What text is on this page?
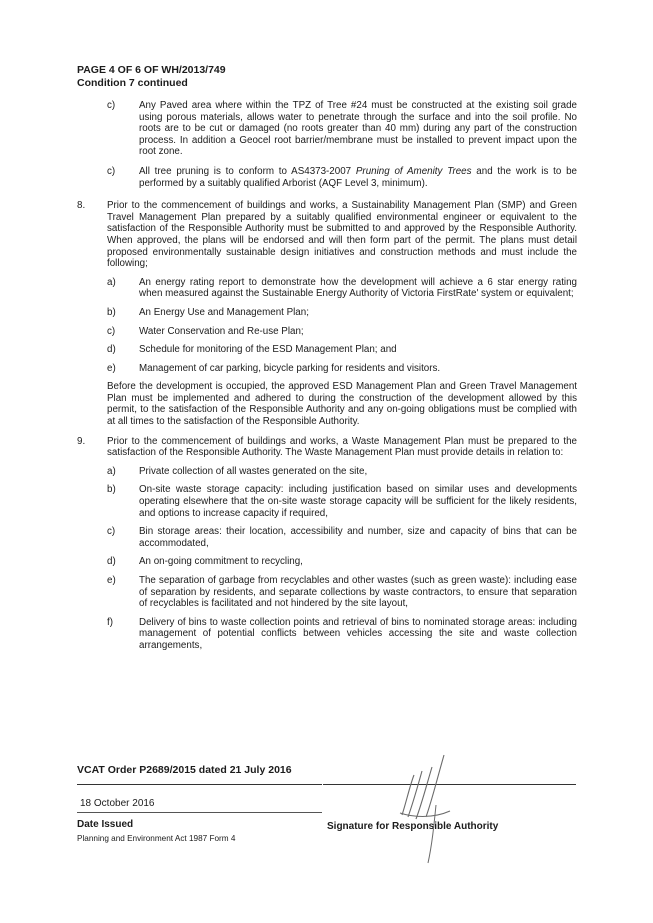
PAGE 4 OF 6 OF WH/2013/749
Condition 7 continued
c)	Any Paved area where within the TPZ of Tree #24 must be constructed at the existing soil grade using porous materials, allows water to penetrate through the surface and into the soil profile. No roots are to be cut or damaged (no roots greater than 40 mm) during any part of the construction process. In addition a Geocel root barrier/membrane must be installed to prevent impact upon the root zone.
c)	All tree pruning is to conform to AS4373-2007 Pruning of Amenity Trees and the work is to be performed by a suitably qualified Arborist (AQF Level 3, minimum).
8.	Prior to the commencement of buildings and works, a Sustainability Management Plan (SMP) and Green Travel Management Plan prepared by a suitably qualified environmental engineer or equivalent to the satisfaction of the Responsible Authority must be submitted to and approved by the Responsible Authority. When approved, the plans will be endorsed and will then form part of the permit. The plans must detail proposed environmentally sustainable design initiatives and construction methods and must include the following;
a)	An energy rating report to demonstrate how the development will achieve a 6 star energy rating when measured against the Sustainable Energy Authority of Victoria FirstRate' system or equivalent;
b)	An Energy Use and Management Plan;
c)	Water Conservation and Re-use Plan;
d)	Schedule for monitoring of the ESD Management Plan; and
e)	Management of car parking, bicycle parking for residents and visitors.
Before the development is occupied, the approved ESD Management Plan and Green Travel Management Plan must be implemented and adhered to during the construction of the development allowed by this permit, to the satisfaction of the Responsible Authority and any on-going obligations must be complied with at all times to the satisfaction of the Responsible Authority.
9.	Prior to the commencement of buildings and works, a Waste Management Plan must be prepared to the satisfaction of the Responsible Authority. The Waste Management Plan must provide details in relation to:
a)	Private collection of all wastes generated on the site,
b)	On-site waste storage capacity: including justification based on similar uses and developments operating elsewhere that the on-site waste storage capacity will be sufficient for the likely residents, and options to increase capacity if required,
c)	Bin storage areas: their location, accessibility and number, size and capacity of bins that can be accommodated,
d)	An on-going commitment to recycling,
e)	The separation of garbage from recyclables and other wastes (such as green waste): including ease of separation by residents, and separate collections by waste contractors, to ensure that separation of recyclables is facilitated and not hindered by the site layout,
f)	Delivery of bins to waste collection points and retrieval of bins to nominated storage areas: including management of potential conflicts between vehicles accessing the site and waste collection arrangements,
VCAT Order P2689/2015 dated 21 July 2016
18 October 2016
Date Issued
Planning and Environment Act 1987 Form 4
Signature for Responsible Authority
